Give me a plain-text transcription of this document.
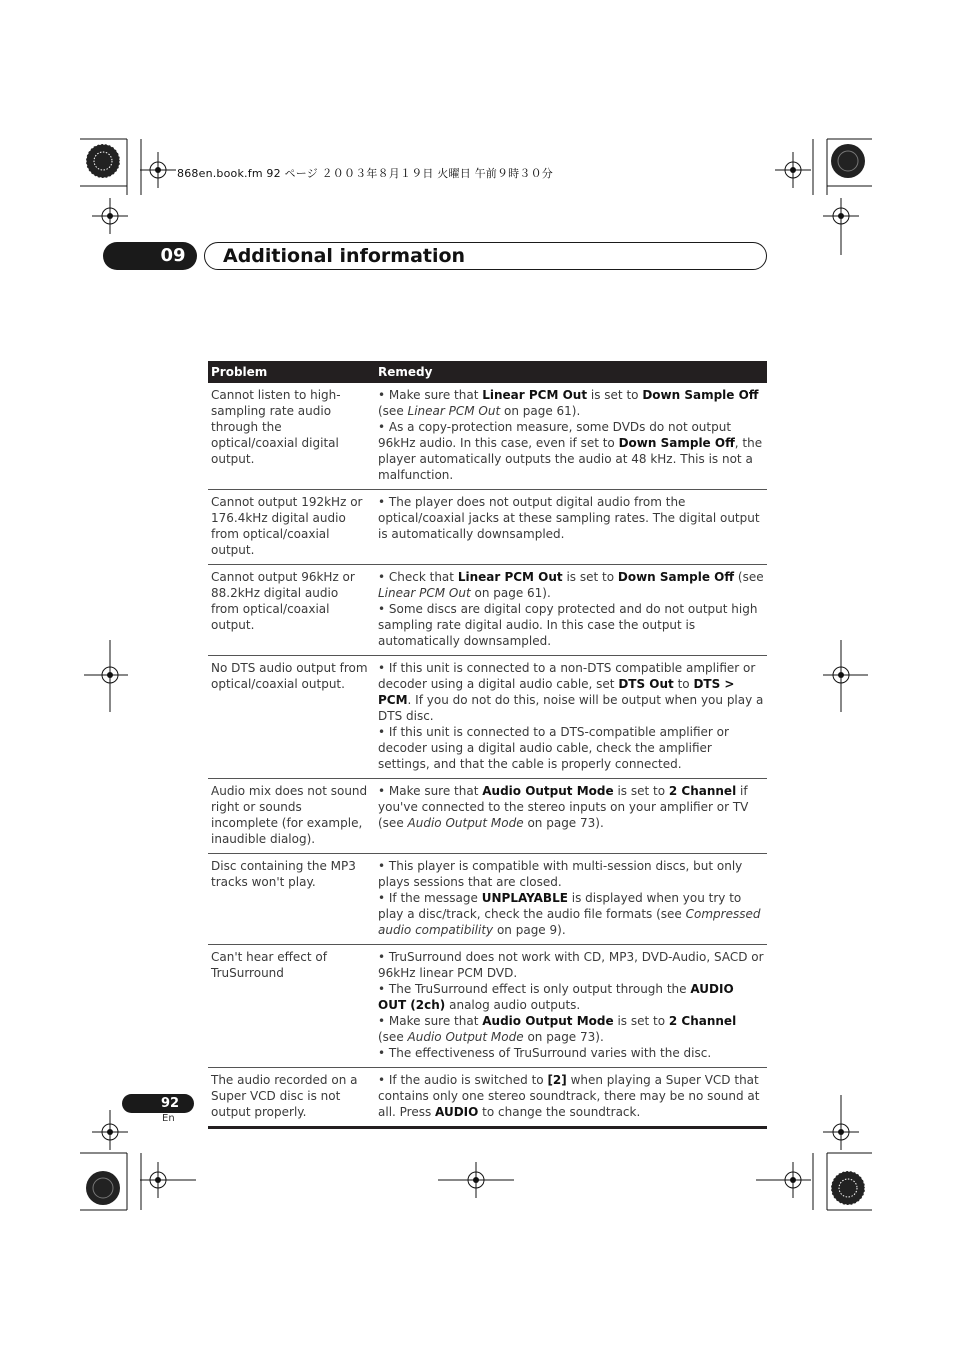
868en.book.fm 92 ページ ２００３年８月１９日 火曜日 午前９時３０分
09	Additional information
Problem	Remedy
Cannot listen to high-sampling rate audio through the optical/coaxial digital output.	• Make sure that Linear PCM Out is set to Down Sample Off (see Linear PCM Out on page 61).
• As a copy-protection measure, some DVDs do not output 96kHz audio. In this case, even if set to Down Sample Off, the player automatically outputs the audio at 48 kHz. This is not a malfunction.

Cannot output 192kHz or 176.4kHz digital audio from optical/coaxial output.	• The player does not output digital audio from the optical/coaxial jacks at these sampling rates. The digital output is automatically downsampled.

Cannot output 96kHz or 88.2kHz digital audio from optical/coaxial output.	• Check that Linear PCM Out is set to Down Sample Off (see Linear PCM Out on page 61).
• Some discs are digital copy protected and do not output high sampling rate digital audio. In this case the output is automatically downsampled.

No DTS audio output from optical/coaxial output.	• If this unit is connected to a non-DTS compatible amplifier or decoder using a digital audio cable, set DTS Out to DTS > PCM. If you do not do this, noise will be output when you play a DTS disc.
• If this unit is connected to a DTS-compatible amplifier or decoder using a digital audio cable, check the amplifier settings, and that the cable is properly connected.

Audio mix does not sound right or sounds incomplete (for example, inaudible dialog).	• Make sure that Audio Output Mode is set to 2 Channel if you've connected to the stereo inputs on your amplifier or TV (see Audio Output Mode on page 73).

Disc containing the MP3 tracks won't play.	• This player is compatible with multi-session discs, but only plays sessions that are closed.
• If the message UNPLAYABLE is displayed when you try to play a disc/track, check the audio file formats (see Compressed audio compatibility on page 9).

Can't hear effect of TruSurround	• TruSurround does not work with CD, MP3, DVD-Audio, SACD or 96kHz linear PCM DVD.
• The TruSurround effect is only output through the AUDIO OUT (2ch) analog audio outputs.
• Make sure that Audio Output Mode is set to 2 Channel (see Audio Output Mode on page 73).
• The effectiveness of TruSurround varies with the disc.

The audio recorded on a Super VCD disc is not output properly.	• If the audio is switched to [2] when playing a Super VCD that contains only one stereo soundtrack, there may be no sound at all. Press AUDIO to change the soundtrack.
92
En
